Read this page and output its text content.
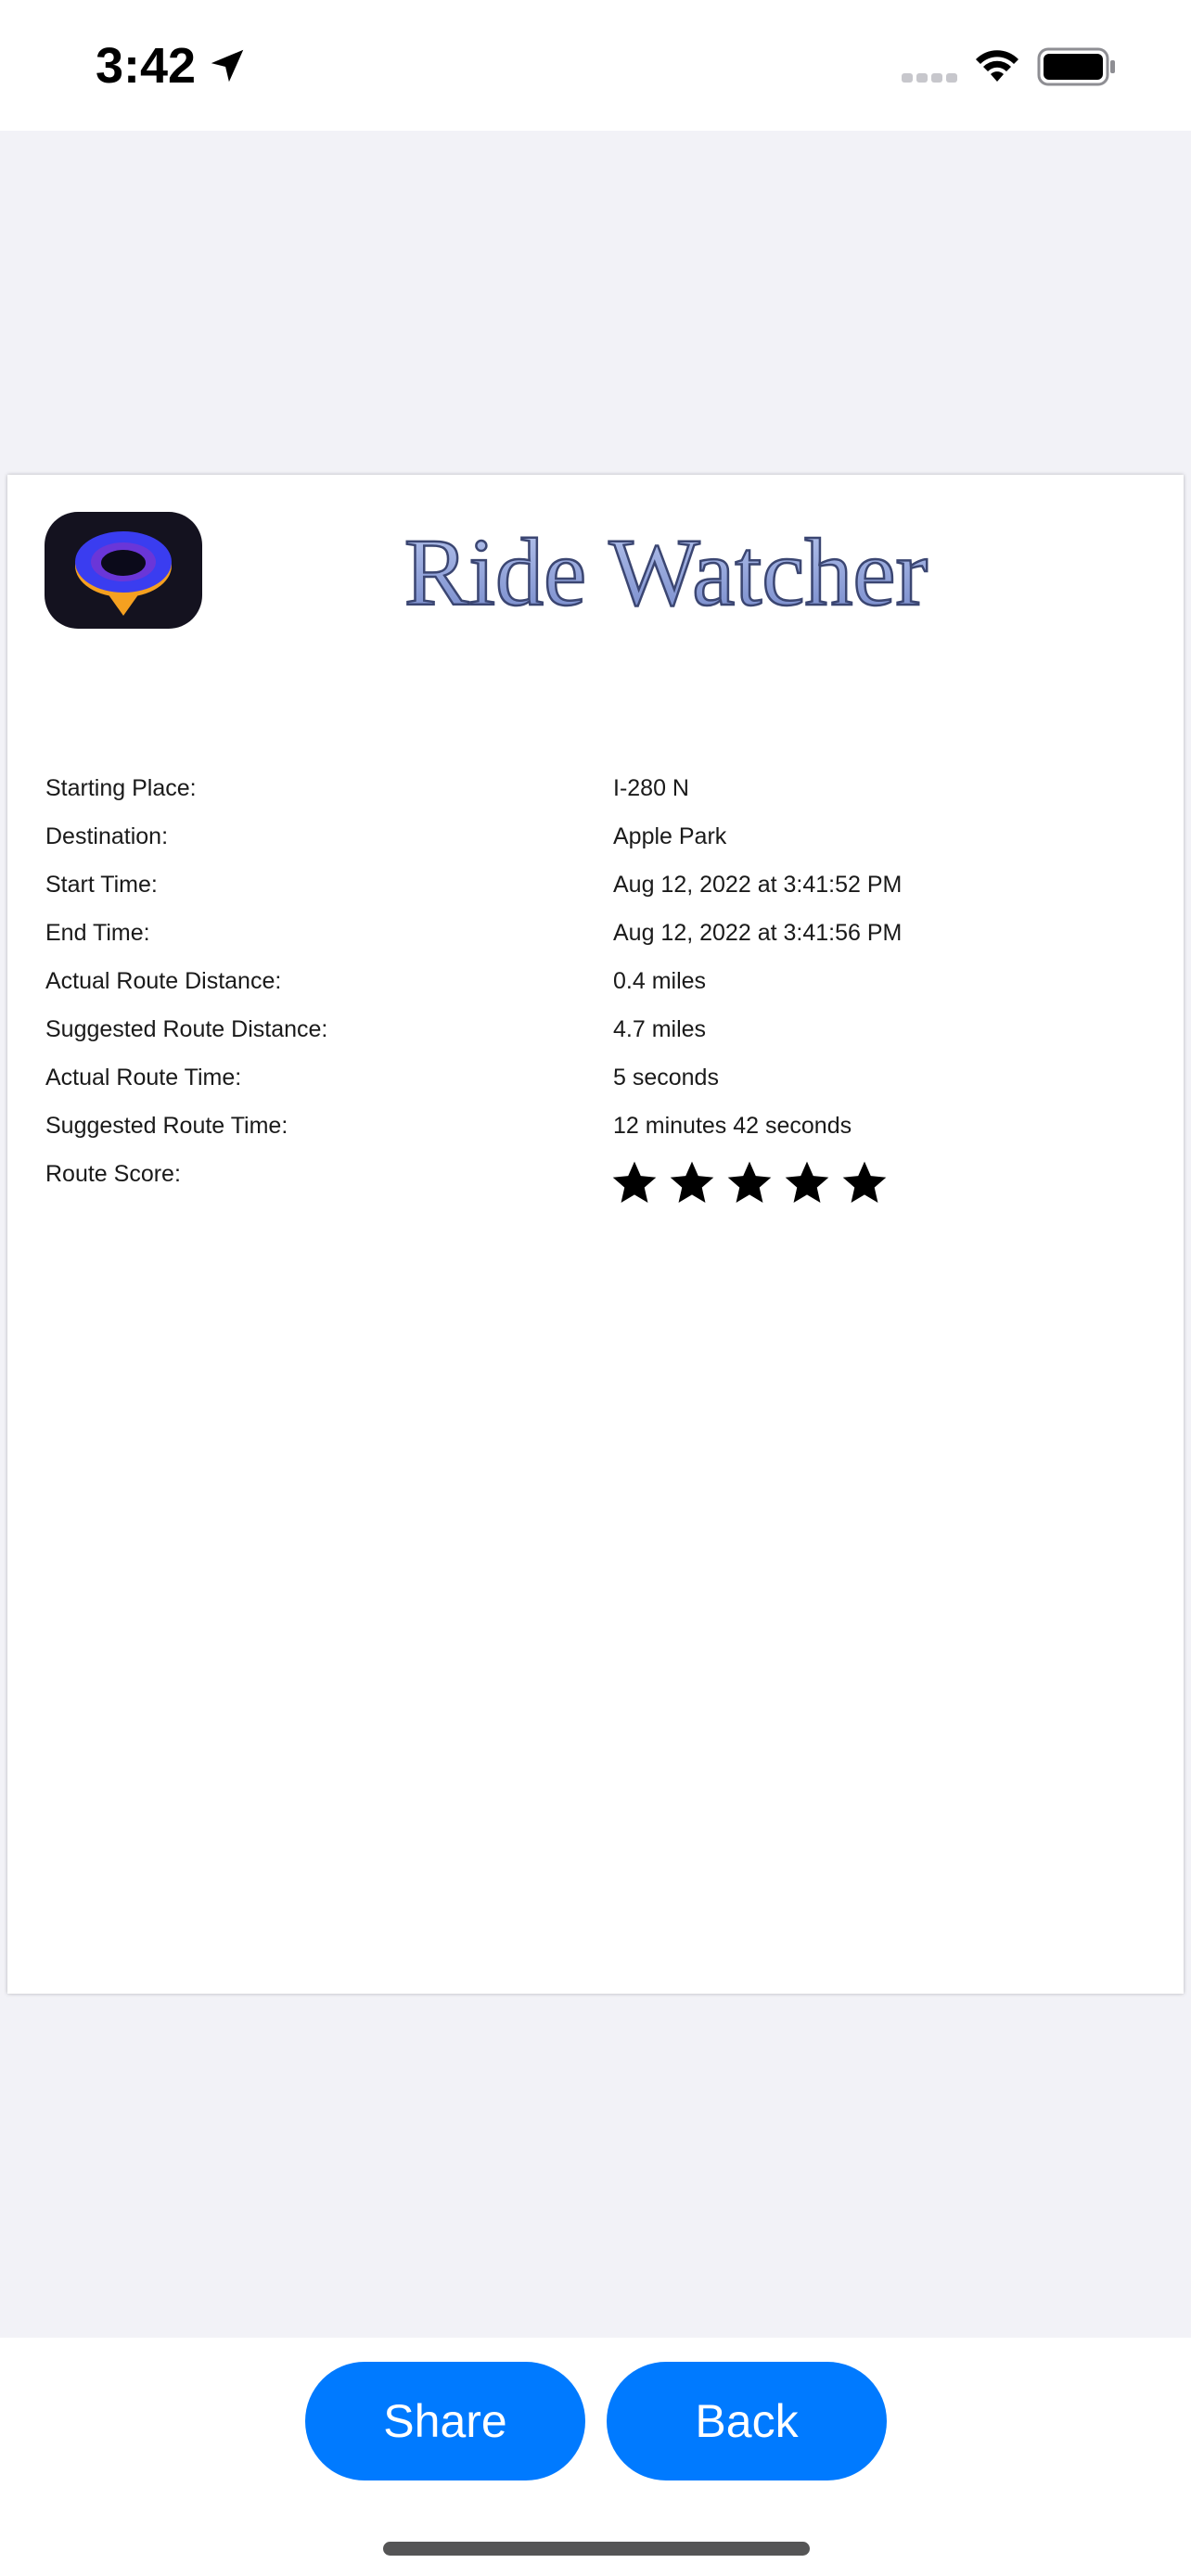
3:42
Ride Watcher
Starting Place:	I-280 N
Destination:	Apple Park
Start Time:	Aug 12, 2022 at 3:41:52 PM
End Time:	Aug 12, 2022 at 3:41:56 PM
Actual Route Distance:	0.4 miles
Suggested Route Distance:	4.7 miles
Actual Route Time:	5 seconds
Suggested Route Time:	12 minutes 42 seconds
Route Score:
Share	Back
